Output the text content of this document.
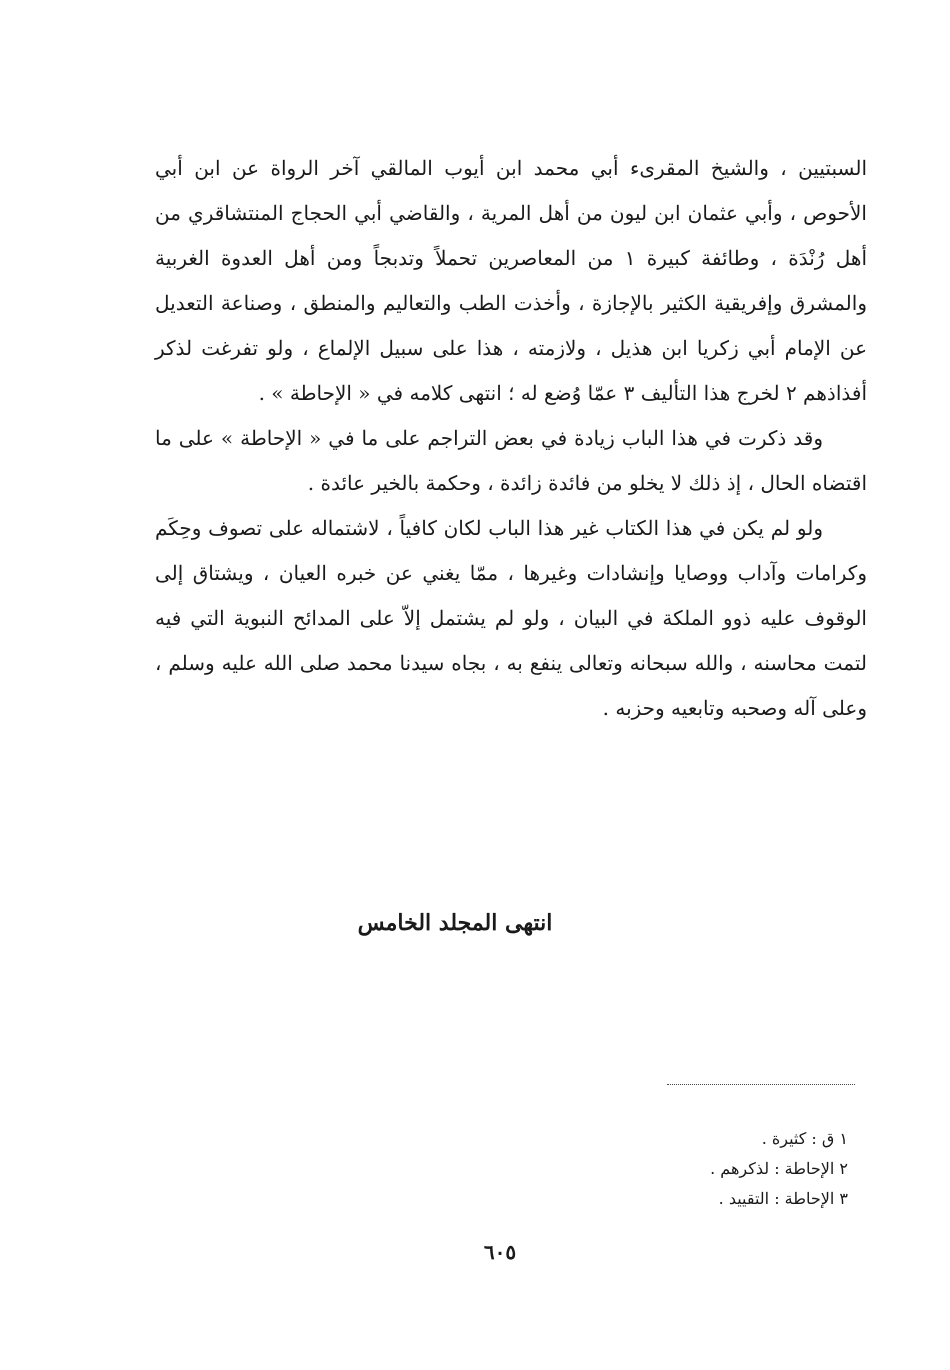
السبتيين ، والشيخ المقرىء أبي محمد ابن أيوب المالقي آخر الرواة عن ابن أبي الأحوص ، وأبي عثمان ابن ليون من أهل المرية ، والقاضي أبي الحجاج المنتشاقري من أهل رُنْدَة ، وطائفة كبيرة ١ من المعاصرين تحملاً وتدبجاً ومن أهل العدوة الغربية والمشرق وإفريقية الكثير بالإجازة ، وأخذت الطب والتعاليم والمنطق ، وصناعة التعديل عن الإمام أبي زكريا ابن هذيل ، ولازمته ، هذا على سبيل الإلماع ، ولو تفرغت لذكر أفذاذهم ٢ لخرج هذا التأليف ٣ عمّا وُضع له ؛ انتهى كلامه في « الإحاطة » .

وقد ذكرت في هذا الباب زيادة في بعض التراجم على ما في « الإحاطة » على ما اقتضاه الحال ، إذ ذلك لا يخلو من فائدة زائدة ، وحكمة بالخير عائدة .

ولو لم يكن في هذا الكتاب غير هذا الباب لكان كافياً ، لاشتماله على تصوف وحِكَم وكرامات وآداب ووصايا وإنشادات وغيرها ، ممّا يغني عن خبره العيان ، ويشتاق إلى الوقوف عليه ذوو الملكة في البيان ، ولو لم يشتمل إلاّ على المدائح النبوية التي فيه لتمت محاسنه ، والله سبحانه وتعالى ينفع به ، بجاه سيدنا محمد صلى الله عليه وسلم ، وعلى آله وصحبه وتابعيه وحزبه .

انتهى المجلد الخامس
١ ق : كثيرة .
٢ الإحاطة : لذكرهم .
٣ الإحاطة : التقييد .
٦٠٥
